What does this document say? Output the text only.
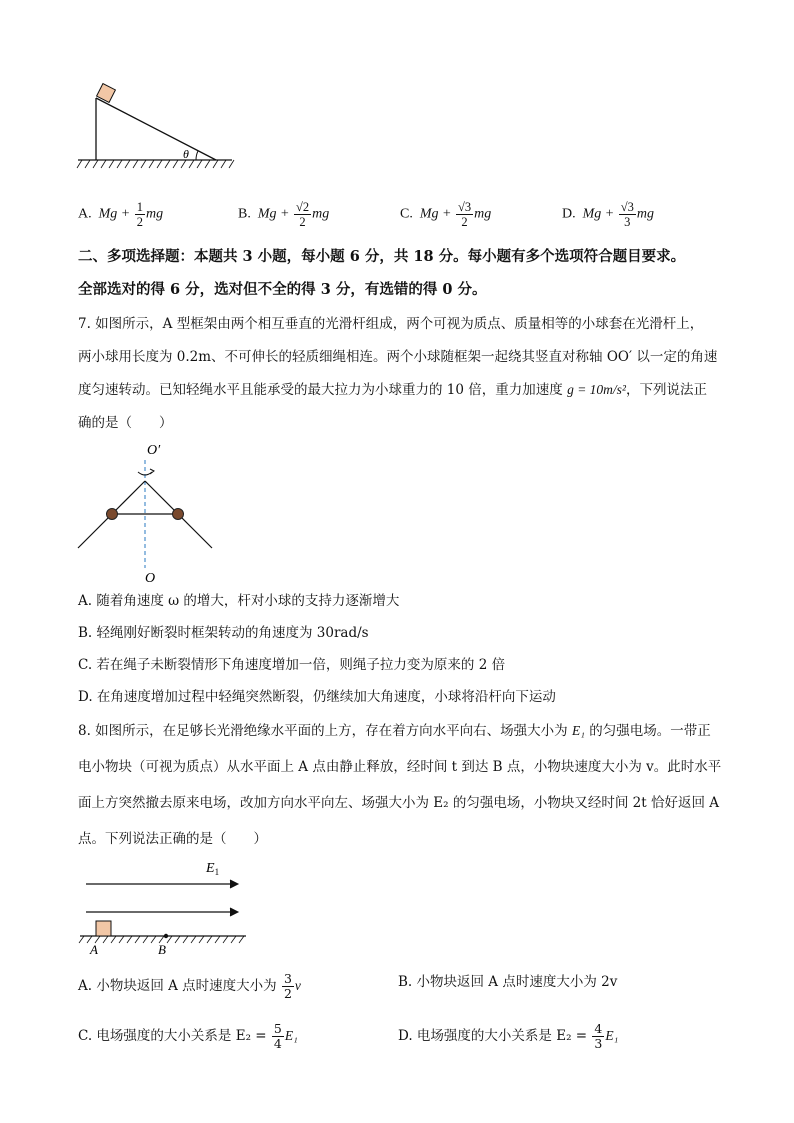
θ
A. $Mg + \frac{1}{2}$ mg	B. $Mg + \frac{√2}{2}$ mg	C. $Mg + \frac{√3}{2}$ mg	D. $Mg + \frac{√3}{3}$ mg
二、多项选择题：本题共 3 小题，每小题 6 分，共 18 分。每小题有多个选项符合题目要求。
全部选对的得 6 分，选对但不全的得 3 分，有选错的得 0 分。
7. 如图所示，A 型框架由两个相互垂直的光滑杆组成，两个可视为质点、质量相等的小球套在光滑杆上，
两小球用长度为 0.2m、不可伸长的轻质细绳相连。两个小球随框架一起绕其竖直对称轴 OO′ 以一定的角速
度匀速转动。已知轻绳水平且能承受的最大拉力为小球重力的 10 倍，重力加速度 g = 10m/s²，下列说法正
确的是（　　）
O′
O
A. 随着角速度 ω 的增大，杆对小球的支持力逐渐增大
B. 轻绳刚好断裂时框架转动的角速度为 30rad/s
C. 若在绳子未断裂情形下角速度增加一倍，则绳子拉力变为原来的 2 倍
D. 在角速度增加过程中轻绳突然断裂，仍继续加大角速度，小球将沿杆向下运动
8. 如图所示，在足够长光滑绝缘水平面的上方，存在着方向水平向右、场强大小为 E₁ 的匀强电场。一带正
电小物块（可视为质点）从水平面上 A 点由静止释放，经时间 t 到达 B 点，小物块速度大小为 v。此时水平
面上方突然撤去原来电场，改加方向水平向左、场强大小为 E₂ 的匀强电场，小物块又经时间 2t 恰好返回 A
点。下列说法正确的是（　　）
$E_1$
A	B
A. 小物块返回 A 点时速度大小为 $\frac{3}{2}$ v	B. 小物块返回 A 点时速度大小为 2v
C. 电场强度的大小关系是 $E_2 = \frac{5}{4} E_1$	D. 电场强度的大小关系是 $E_2 = \frac{4}{3} E_1$
